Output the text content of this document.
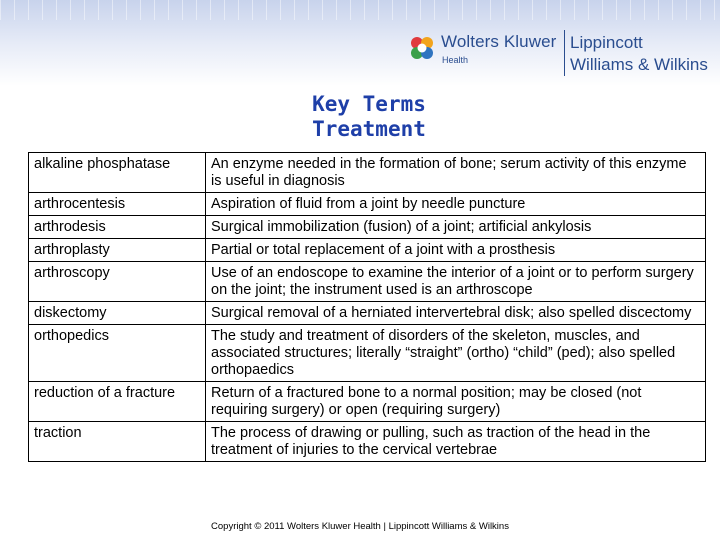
Wolters Kluwer
Health
Lippincott
Williams & Wilkins
Key Terms
Treatment
alkaline phosphatase	An enzyme needed in the formation of bone; serum activity of this enzyme is useful in diagnosis
arthrocentesis	Aspiration of fluid from a joint by needle puncture
arthrodesis	Surgical immobilization (fusion) of a joint; artificial ankylosis
arthroplasty	Partial or total replacement of a joint with a prosthesis
arthroscopy	Use of an endoscope to examine the interior of a joint or to perform surgery on the joint; the instrument used is an arthroscope
diskectomy	Surgical removal of a herniated intervertebral disk; also spelled discectomy
orthopedics	The study and treatment of disorders of the skeleton, muscles, and associated structures; literally “straight” (ortho) “child” (ped); also spelled orthopaedics
reduction of a fracture	Return of a fractured bone to a normal position; may be closed (not requiring surgery) or open (requiring surgery)
traction	The process of drawing or pulling, such as traction of the head in the treatment of injuries to the cervical vertebrae
Copyright © 2011 Wolters Kluwer Health | Lippincott Williams & Wilkins
